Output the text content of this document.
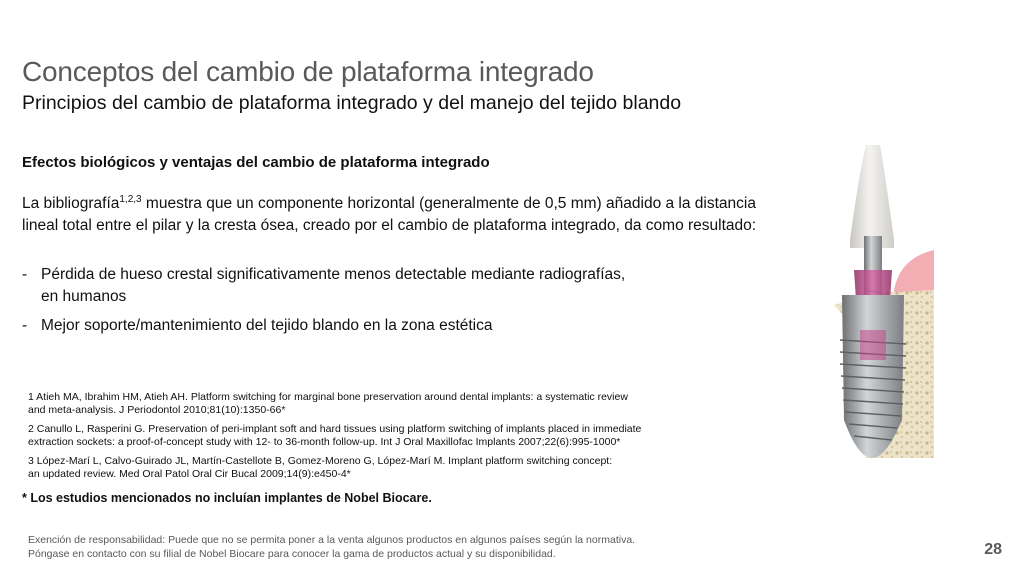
Conceptos del cambio de plataforma integrado
Principios del cambio de plataforma integrado y del manejo del tejido blando
Efectos biológicos y ventajas del cambio de plataforma integrado

La bibliografía$^{1,2,3}$ muestra que un componente horizontal (generalmente de 0,5 mm) añadido a la distancia lineal total entre el pilar y la cresta ósea, creado por el cambio de plataforma integrado, da como resultado:

- Pérdida de hueso crestal significativamente menos detectable mediante radiografías,
en humanos
- Mejor soporte/mantenimiento del tejido blando en la zona estética
1 Atieh MA, Ibrahim HM, Atieh AH. Platform switching for marginal bone preservation around dental implants: a systematic review
and meta-analysis. J Periodontol 2010;81(10):1350-66*
2 Canullo L, Rasperini G. Preservation of peri-implant soft and hard tissues using platform switching of implants placed in immediate
extraction sockets: a proof-of-concept study with 12- to 36-month follow-up. Int J Oral Maxillofac Implants 2007;22(6):995-1000*
3 López-Marí L, Calvo-Guirado JL, Martín-Castellote B, Gomez-Moreno G, López-Marí M. Implant platform switching concept:
an updated review. Med Oral Patol Oral Cir Bucal 2009;14(9):e450-4*

* Los estudios mencionados no incluían implantes de Nobel Biocare.

Exención de responsabilidad: Puede que no se permita poner a la venta algunos productos en algunos países según la normativa.
Póngase en contacto con su filial de Nobel Biocare para conocer la gama de productos actual y su disponibilidad.	28
